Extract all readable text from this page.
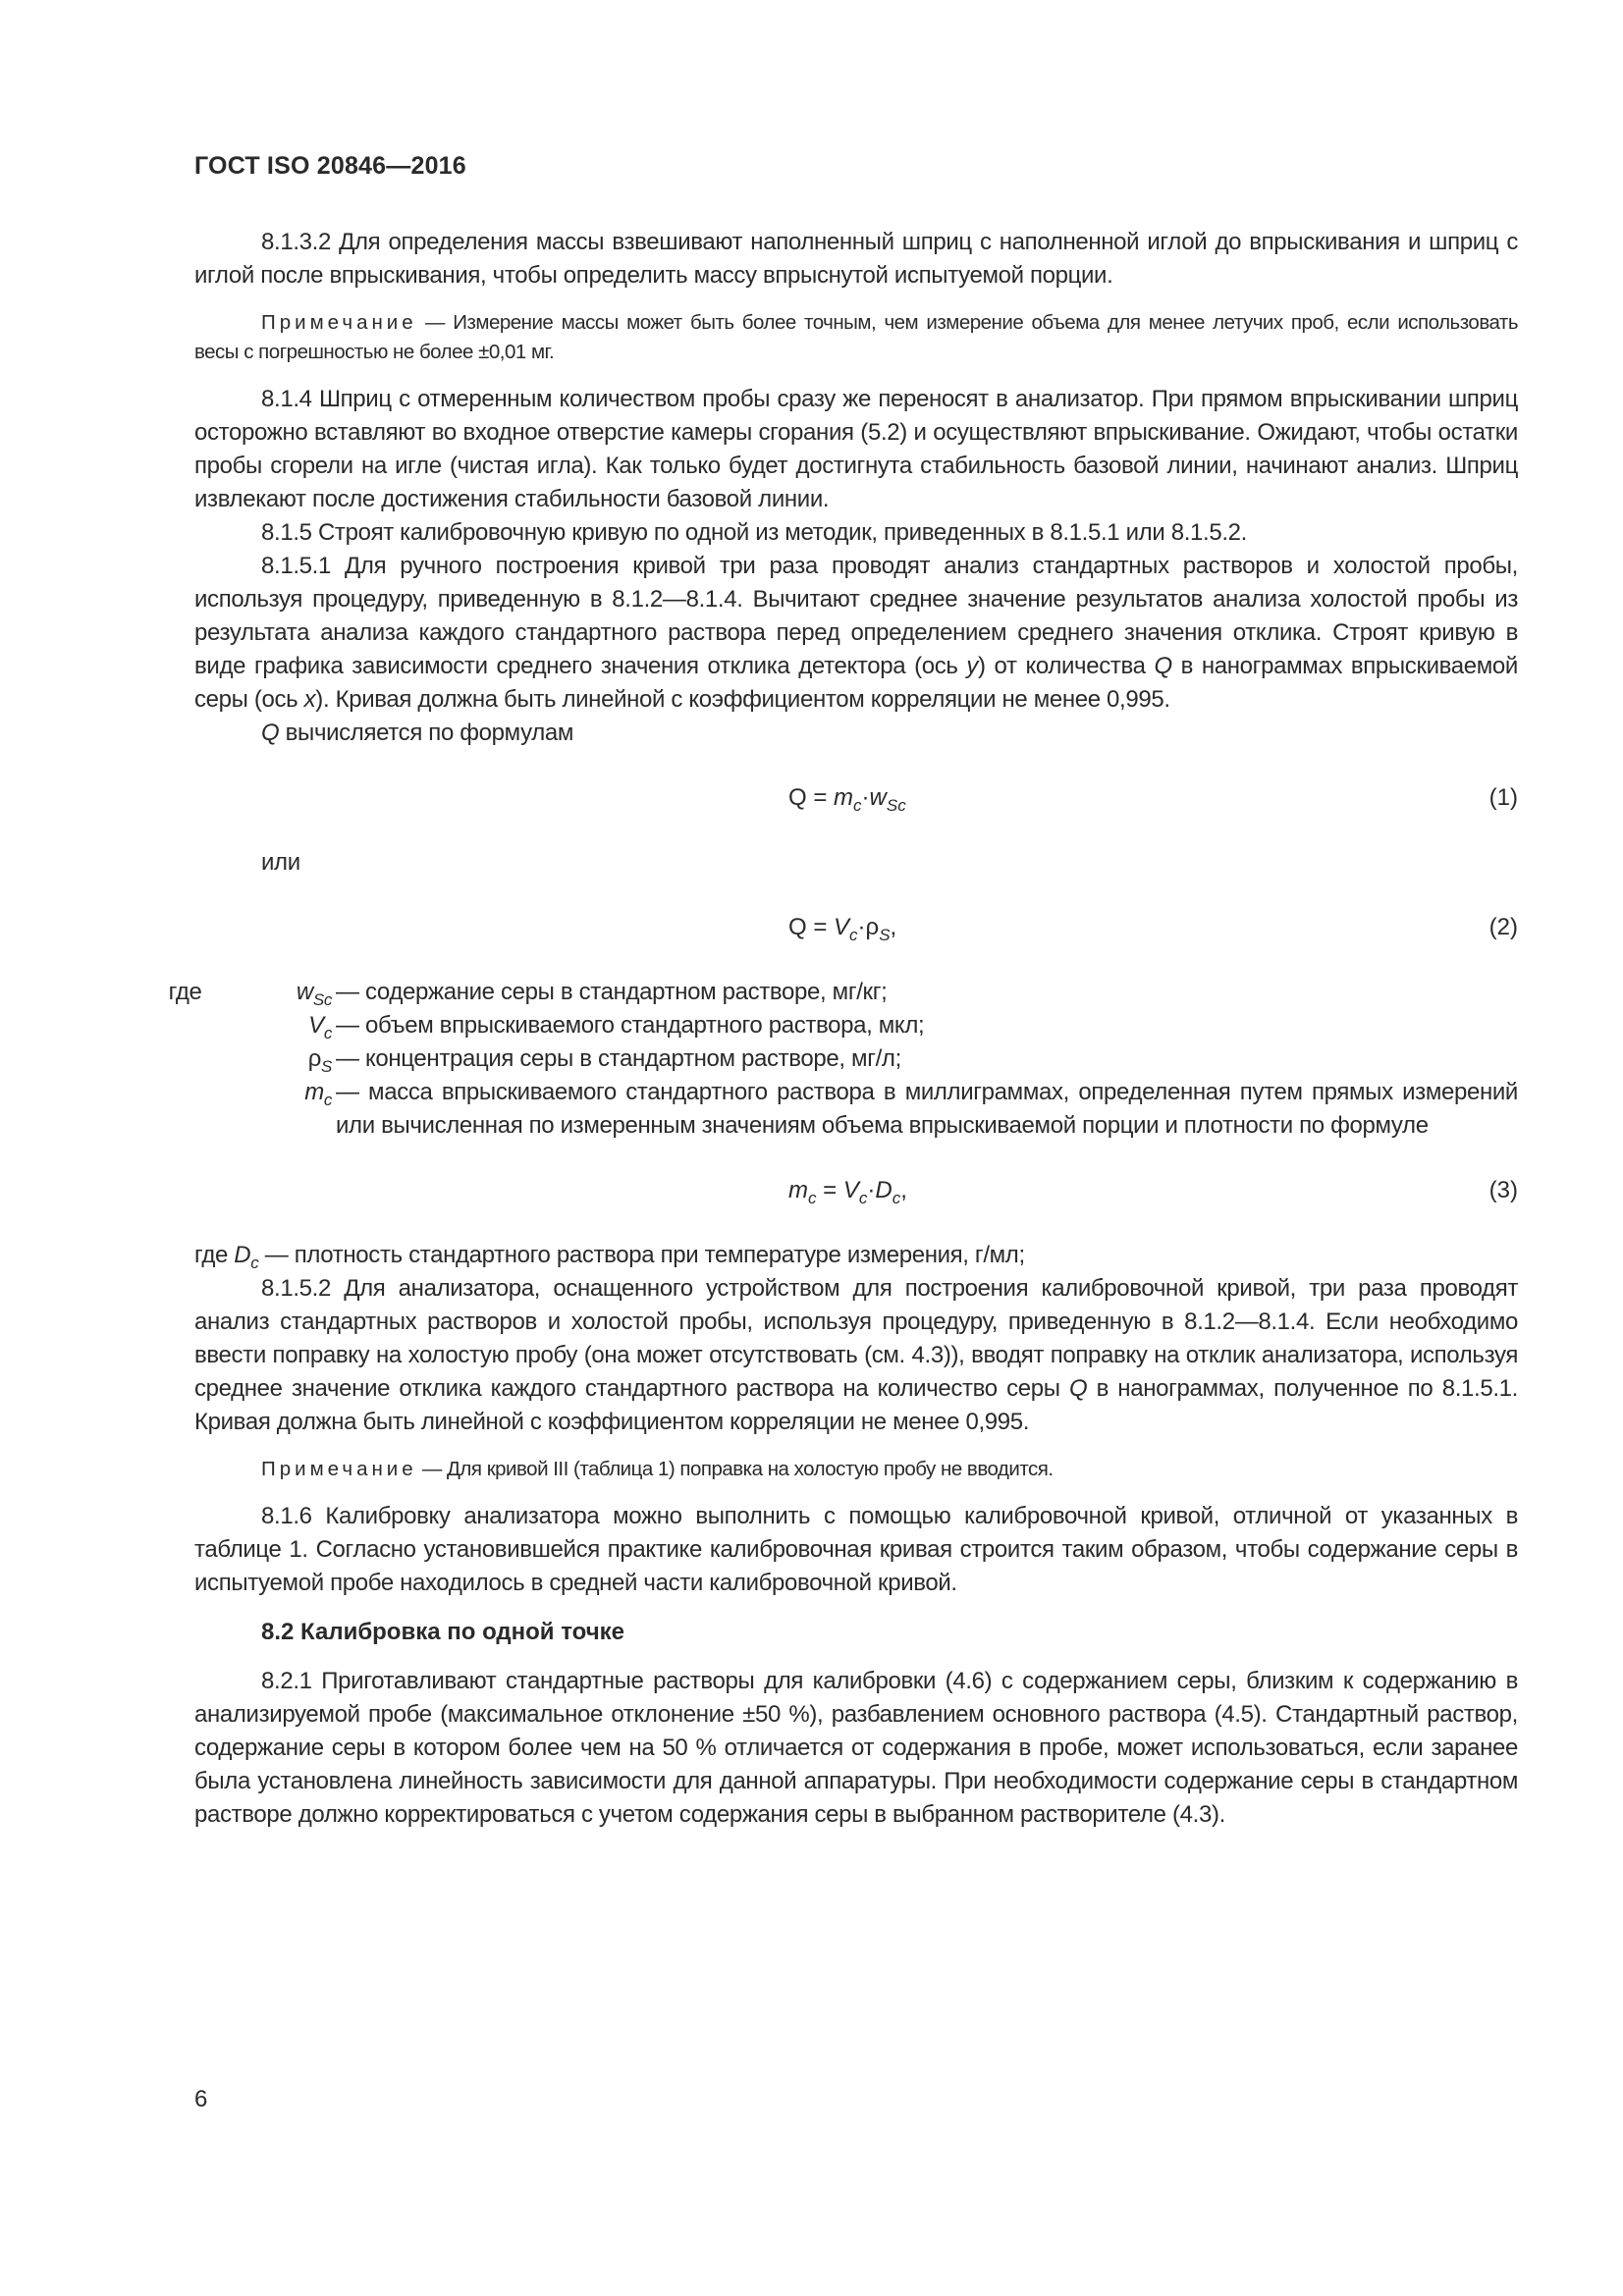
ГОСТ ISO 20846—2016

8.1.3.2 Для определения массы взвешивают наполненный шприц с наполненной иглой до впрыскивания и шприц с иглой после впрыскивания, чтобы определить массу впрыснутой испытуемой порции.

Примечание — Измерение массы может быть более точным, чем измерение объема для менее летучих проб, если использовать весы с погрешностью не более ±0,01 мг.

8.1.4 Шприц с отмеренным количеством пробы сразу же переносят в анализатор. При прямом впрыскивании шприц осторожно вставляют во входное отверстие камеры сгорания (5.2) и осуществляют впрыскивание. Ожидают, чтобы остатки пробы сгорели на игле (чистая игла). Как только будет достигнута стабильность базовой линии, начинают анализ. Шприц извлекают после достижения стабильности базовой линии.

8.1.5 Строят калибровочную кривую по одной из методик, приведенных в 8.1.5.1 или 8.1.5.2.

8.1.5.1 Для ручного построения кривой три раза проводят анализ стандартных растворов и холостой пробы, используя процедуру, приведенную в 8.1.2—8.1.4. Вычитают среднее значение результатов анализа холостой пробы из результата анализа каждого стандартного раствора перед определением среднего значения отклика. Строят кривую в виде графика зависимости среднего значения отклика детектора (ось y) от количества Q в нанограммах впрыскиваемой серы (ось x). Кривая должна быть линейной с коэффициентом корреляции не менее 0,995.

Q вычисляется по формулам

$Q = m_c\cdot w_{Sc}$	(1)

или

$Q = V_c\cdot\rho_S$,	(2)
где	$w_{Sc}$ — содержание серы в стандартном растворе, мг/кг;
$V_c$ — объем впрыскиваемого стандартного раствора, мкл;
$\rho_S$ — концентрация серы в стандартном растворе, мг/л;
$m_c$ — масса впрыскиваемого стандартного раствора в миллиграммах, определенная путем прямых измерений или вычисленная по измеренным значениям объема впрыскиваемой порции и плотности по формуле
$m_c = V_c\cdot D_c$,	(3)

где $D_c$ — плотность стандартного раствора при температуре измерения, г/мл;

8.1.5.2 Для анализатора, оснащенного устройством для построения калибровочной кривой, три раза проводят анализ стандартных растворов и холостой пробы, используя процедуру, приведенную в 8.1.2—8.1.4. Если необходимо ввести поправку на холостую пробу (она может отсутствовать (см. 4.3)), вводят поправку на отклик анализатора, используя среднее значение отклика каждого стандартного раствора на количество серы Q в нанограммах, полученное по 8.1.5.1. Кривая должна быть линейной с коэффициентом корреляции не менее 0,995.

Примечание — Для кривой III (таблица 1) поправка на холостую пробу не вводится.

8.1.6 Калибровку анализатора можно выполнить с помощью калибровочной кривой, отличной от указанных в таблице 1. Согласно установившейся практике калибровочная кривая строится таким образом, чтобы содержание серы в испытуемой пробе находилось в средней части калибровочной кривой.

8.2 Калибровка по одной точке

8.2.1 Приготавливают стандартные растворы для калибровки (4.6) с содержанием серы, близким к содержанию в анализируемой пробе (максимальное отклонение ±50 %), разбавлением основного раствора (4.5). Стандартный раствор, содержание серы в котором более чем на 50 % отличается от содержания в пробе, может использоваться, если заранее была установлена линейность зависимости для данной аппаратуры. При необходимости содержание серы в стандартном растворе должно корректироваться с учетом содержания серы в выбранном растворителе (4.3).

6
